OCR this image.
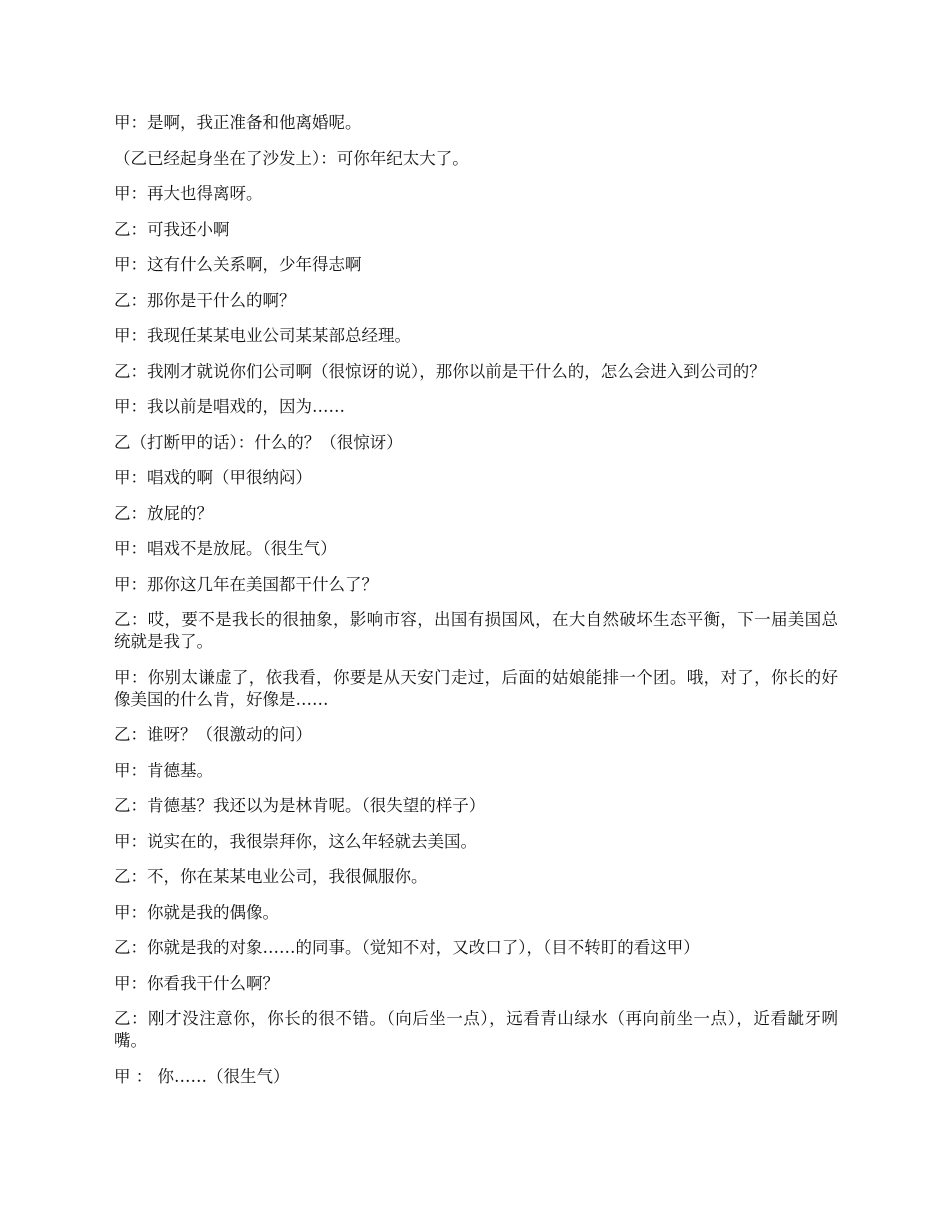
甲：是啊，我正准备和他离婚呢。

（乙已经起身坐在了沙发上）：可你年纪太大了。

甲：再大也得离呀。

乙：可我还小啊

甲：这有什么关系啊，少年得志啊

乙：那你是干什么的啊？

甲：我现任某某电业公司某某部总经理。

乙：我刚才就说你们公司啊（很惊讶的说），那你以前是干什么的，怎么会进入到公司的？

甲：我以前是唱戏的，因为……

乙（打断甲的话）：什么的？（很惊讶）

甲：唱戏的啊（甲很纳闷）

乙：放屁的？

甲：唱戏不是放屁。（很生气）

甲：那你这几年在美国都干什么了？

乙：哎，要不是我长的很抽象，影响市容，出国有损国风，在大自然破坏生态平衡，下一届美国总统就是我了。

甲：你别太谦虚了，依我看，你要是从天安门走过，后面的姑娘能排一个团。哦，对了，你长的好像美国的什么肯，好像是……

乙：谁呀？（很激动的问）

甲：肯德基。

乙：肯德基？我还以为是林肯呢。（很失望的样子）

甲：说实在的，我很崇拜你，这么年轻就去美国。

乙：不，你在某某电业公司，我很佩服你。

甲：你就是我的偶像。

乙：你就是我的对象……的同事。（觉知不对，又改口了），（目不转盯的看这甲）

甲：你看我干什么啊？

乙：刚才没注意你，你长的很不错。（向后坐一点），远看青山绿水（再向前坐一点），近看龇牙咧嘴。

甲 ： 你……（很生气）
